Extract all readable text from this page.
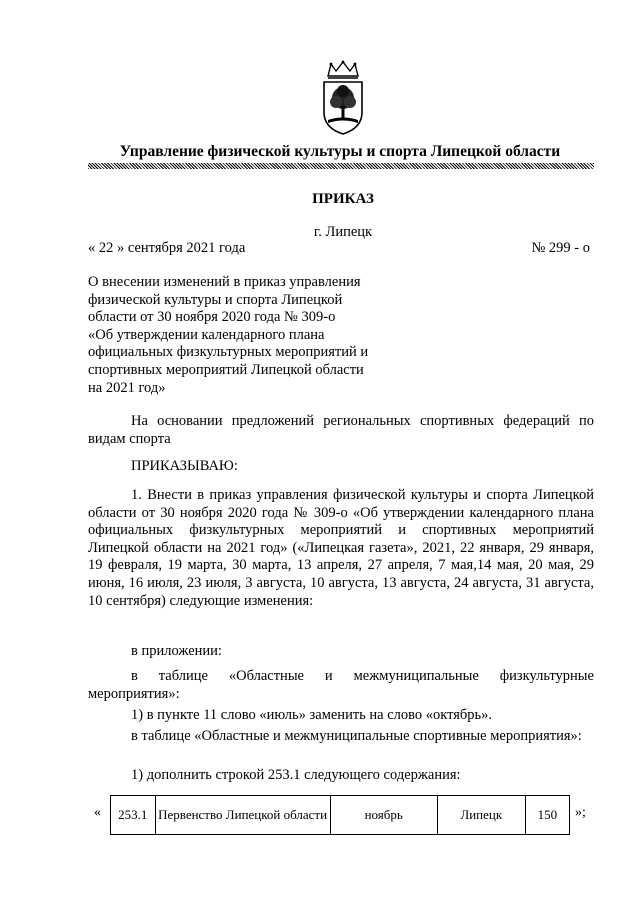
Управление физической культуры и спорта Липецкой области
ПРИКАЗ
г. Липецк
« 22 » сентября 2021 года	№ 299 - о
О внесении изменений в приказ управления
физической культуры и спорта Липецкой
области от 30 ноября 2020 года № 309-о
«Об утверждении календарного плана
официальных физкультурных мероприятий и
спортивных мероприятий Липецкой области
на 2021 год»
На основании предложений региональных спортивных федераций по видам спорта
ПРИКАЗЫВАЮ:
1. Внести в приказ управления физической культуры и спорта Липецкой области от 30 ноября 2020 года № 309-о «Об утверждении календарного плана официальных физкультурных мероприятий и спортивных мероприятий Липецкой области на 2021 год» («Липецкая газета», 2021, 22 января, 29 января, 19 февраля, 19 марта, 30 марта, 13 апреля, 27 апреля, 7 мая,14 мая, 20 мая, 29 июня, 16 июля, 23 июля, 3 августа, 10 августа, 13 августа, 24 августа, 31 августа, 10 сентября) следующие изменения:
в приложении:
в таблице «Областные и межмуниципальные физкультурные мероприятия»:
1) в пункте 11 слово «июль» заменить на слово «октябрь».
в таблице «Областные и межмуниципальные спортивные мероприятия»:
1) дополнить строкой 253.1 следующего содержания:
« 253.1	Первенство Липецкой области	ноябрь	Липецк	150 »;
